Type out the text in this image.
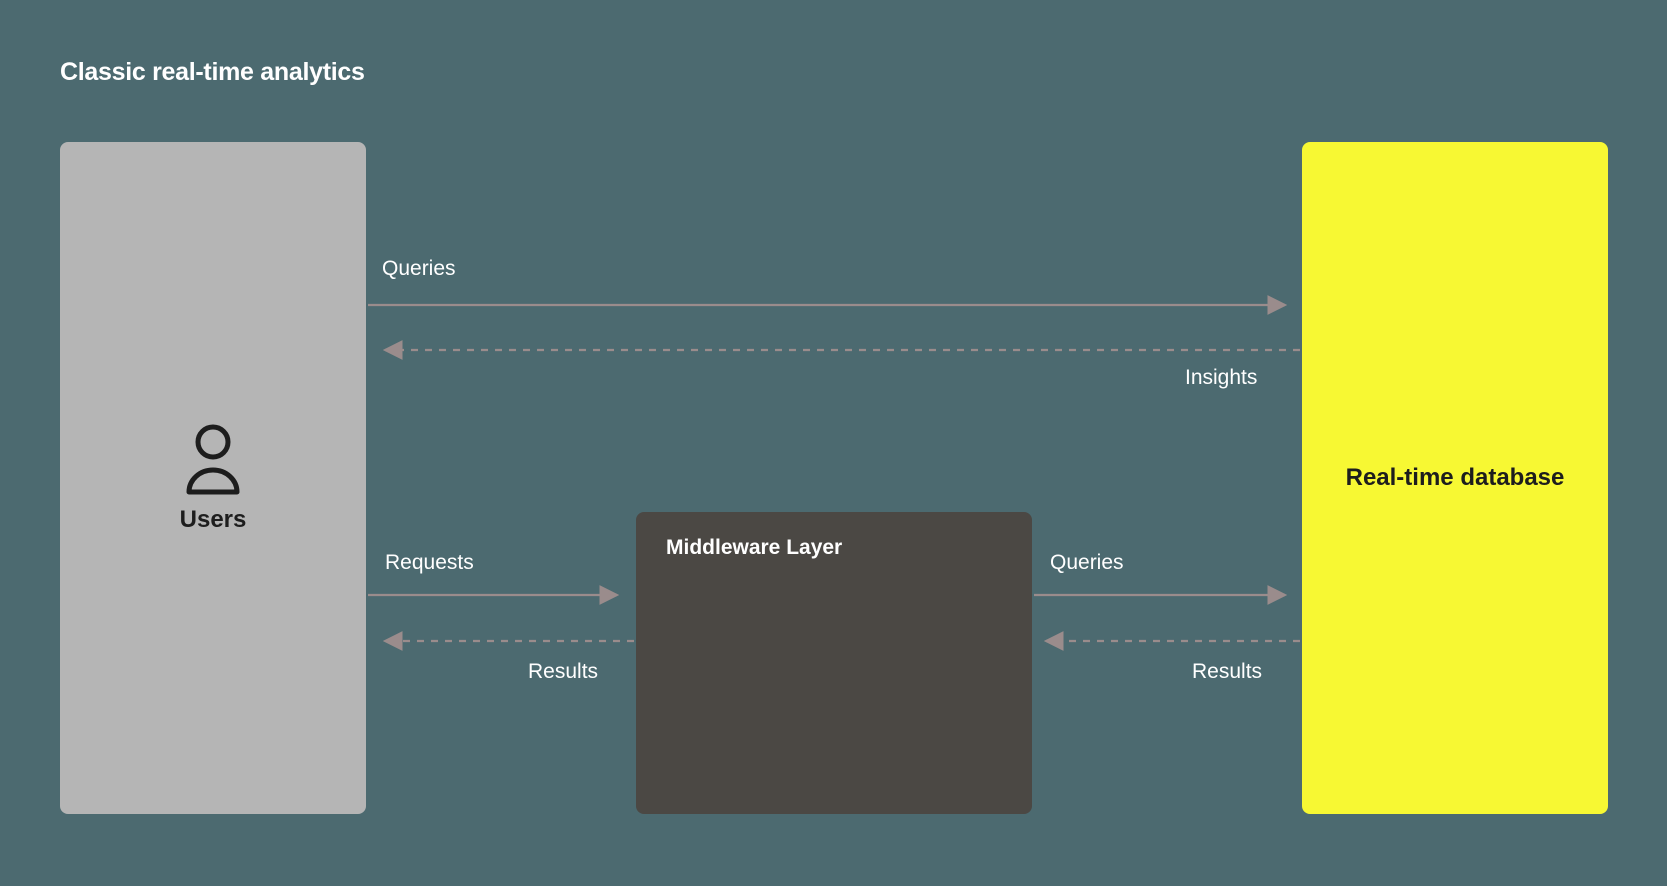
Classic real-time analytics
Queries
Insights
Requests	Queries
Results	Results
Users
Middleware Layer
Real-time database
